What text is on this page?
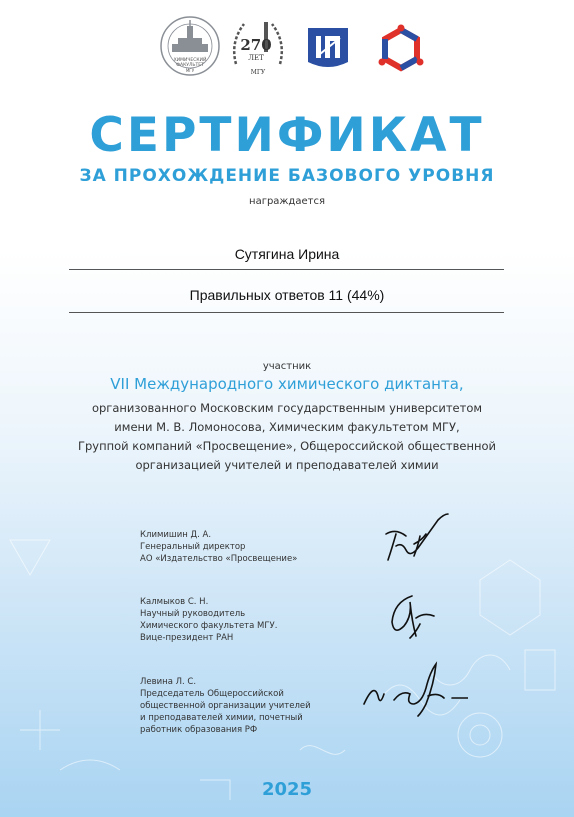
ХИМИЧЕСКИЙ
ФАКУЛЬТЕТ
МГУ
270
ЛЕТ
МГУ
СЕРТИФИКАТ
ЗА ПРОХОЖДЕНИЕ БАЗОВОГО УРОВНЯ
награждается
Сутягина Ирина
Правильных ответов 11 (44%)
участник
VII Международного химического диктанта,
организованного Московским государственным университетом
имени М. В. Ломоносова, Химическим факультетом МГУ,
Группой компаний «Просвещение», Общероссийской общественной
организацией учителей и преподавателей химии
Климишин Д. А.
Генеральный директор
АО «Издательство «Просвещение»
Калмыков С. Н.
Научный руководитель
Химического факультета МГУ.
Вице-президент РАН
Левина Л. С.
Председатель Общероссийской
общественной организации учителей
и преподавателей химии, почетный
работник образования РФ
2025
